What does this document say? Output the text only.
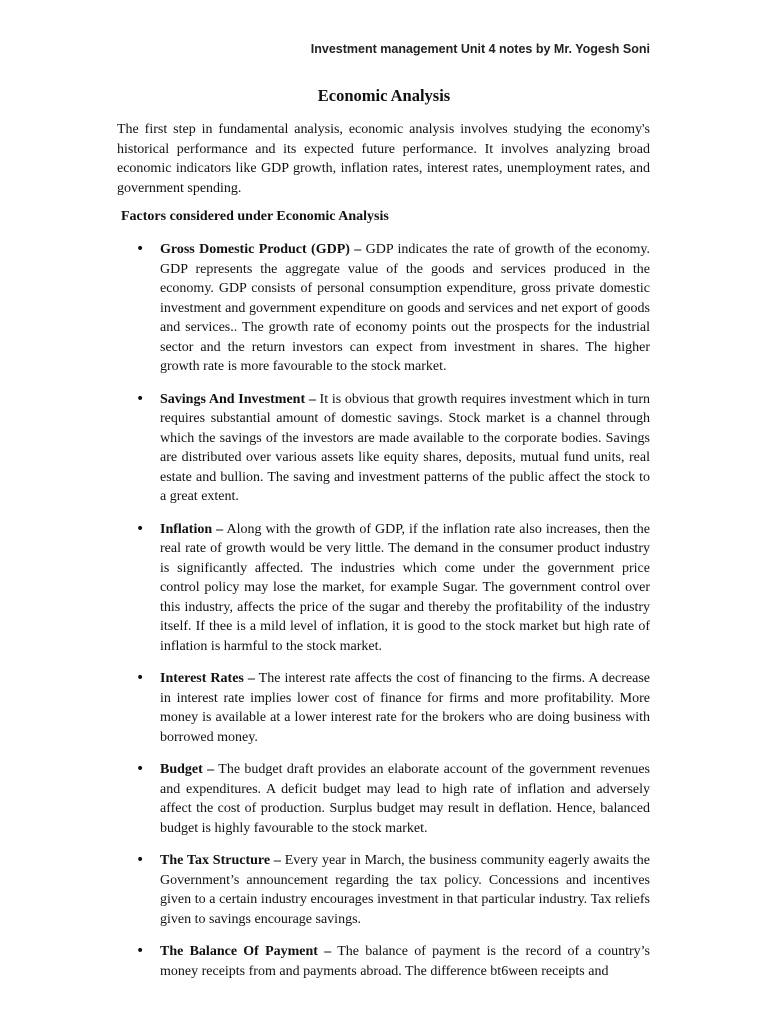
Investment management Unit 4 notes by Mr. Yogesh Soni
Economic Analysis

The first step in fundamental analysis, economic analysis involves studying the economy's historical performance and its expected future performance. It involves analyzing broad economic indicators like GDP growth, inflation rates, interest rates, unemployment rates, and government spending.

Factors considered under Economic Analysis

• Gross Domestic Product (GDP) – GDP indicates the rate of growth of the economy. GDP represents the aggregate value of the goods and services produced in the economy. GDP consists of personal consumption expenditure, gross private domestic investment and government expenditure on goods and services and net export of goods and services.. The growth rate of economy points out the prospects for the industrial sector and the return investors can expect from investment in shares. The higher growth rate is more favourable to the stock market.
• Savings And Investment – It is obvious that growth requires investment which in turn requires substantial amount of domestic savings. Stock market is a channel through which the savings of the investors are made available to the corporate bodies. Savings are distributed over various assets like equity shares, deposits, mutual fund units, real estate and bullion. The saving and investment patterns of the public affect the stock to a great extent.
• Inflation – Along with the growth of GDP, if the inflation rate also increases, then the real rate of growth would be very little. The demand in the consumer product industry is significantly affected. The industries which come under the government price control policy may lose the market, for example Sugar. The government control over this industry, affects the price of the sugar and thereby the profitability of the industry itself. If thee is a mild level of inflation, it is good to the stock market but high rate of inflation is harmful to the stock market.
• Interest Rates – The interest rate affects the cost of financing to the firms. A decrease in interest rate implies lower cost of finance for firms and more profitability. More money is available at a lower interest rate for the brokers who are doing business with borrowed money.
• Budget – The budget draft provides an elaborate account of the government revenues and expenditures. A deficit budget may lead to high rate of inflation and adversely affect the cost of production. Surplus budget may result in deflation. Hence, balanced budget is highly favourable to the stock market.
• The Tax Structure – Every year in March, the business community eagerly awaits the Government’s announcement regarding the tax policy. Concessions and incentives given to a certain industry encourages investment in that particular industry. Tax reliefs given to savings encourage savings.
• The Balance Of Payment – The balance of payment is the record of a country’s money receipts from and payments abroad. The difference bt6ween receipts and
